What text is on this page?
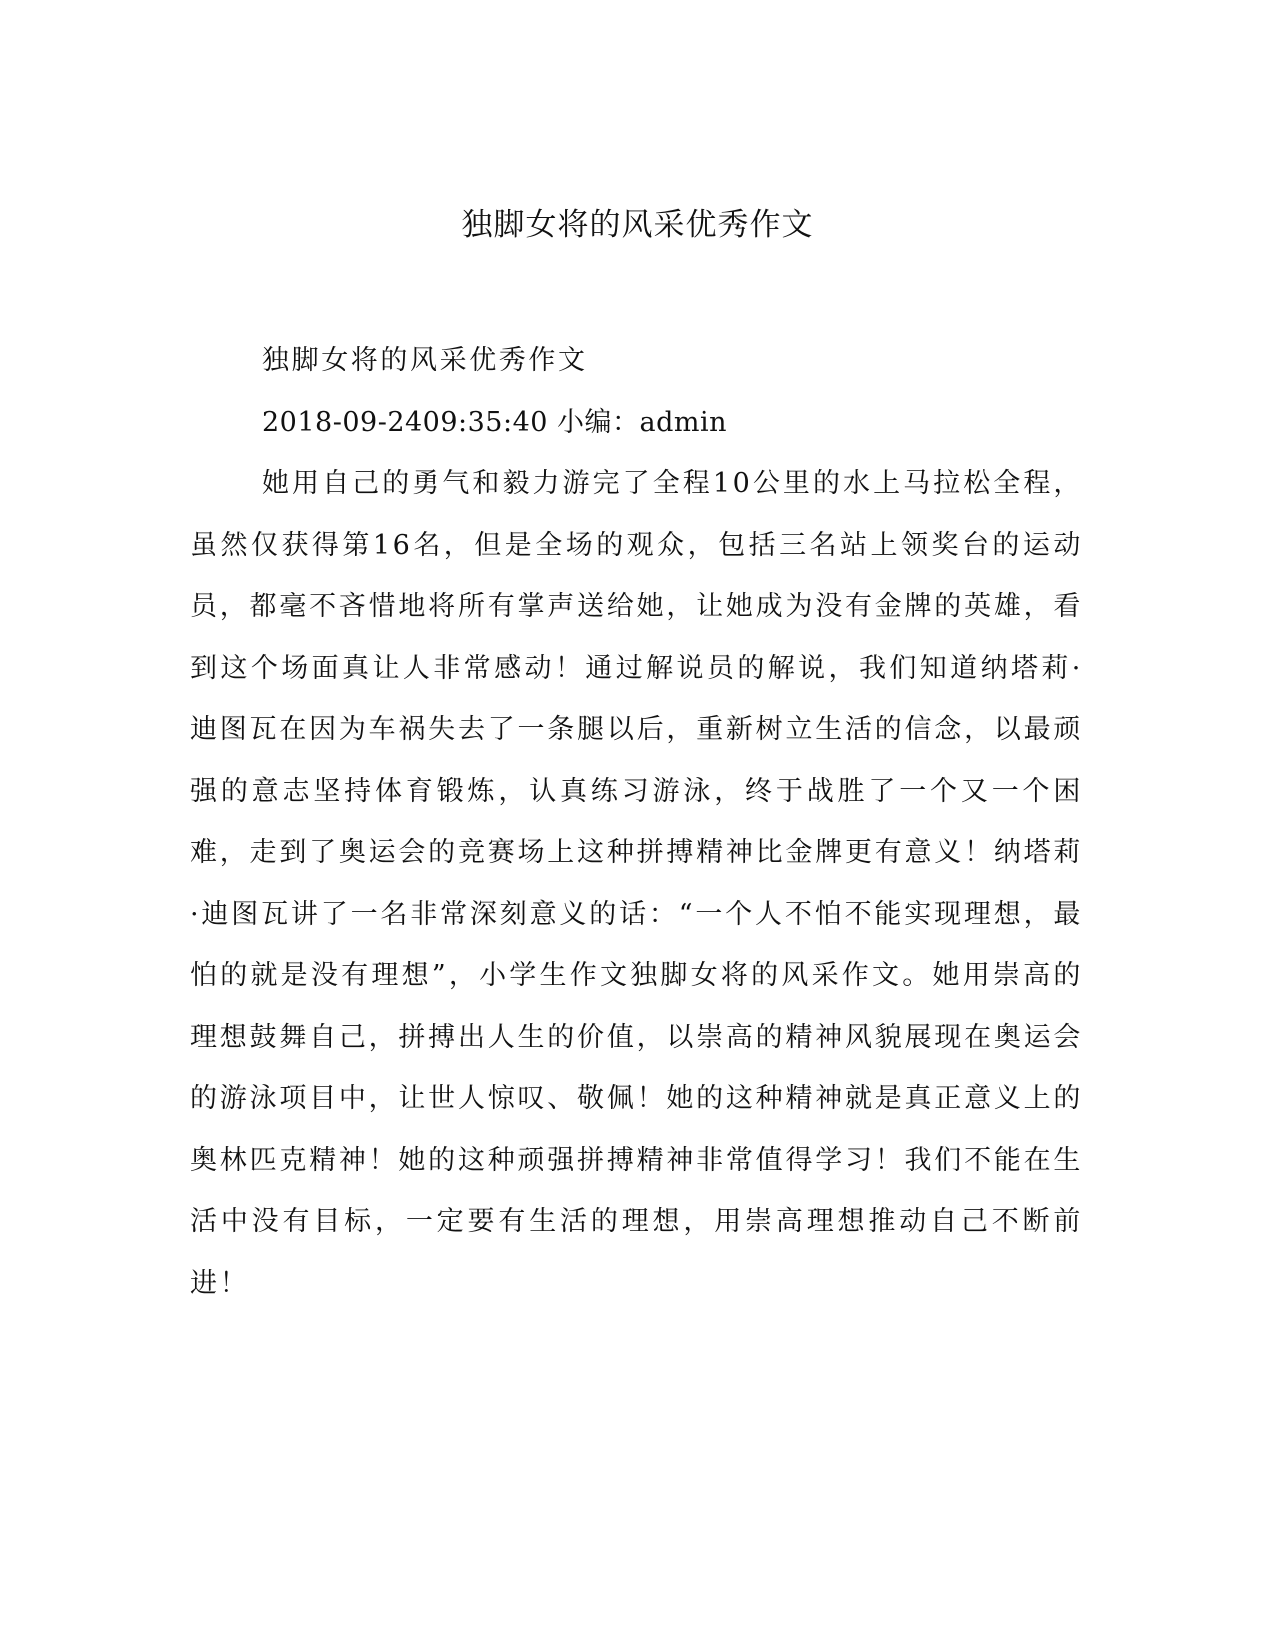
独脚女将的风采优秀作文

独脚女将的风采优秀作文

2018-09-2409:35:40 小编：admin

她用自己的勇气和毅力游完了全程10公里的水上马拉松全程，虽然仅获得第16名，但是全场的观众，包括三名站上领奖台的运动员，都毫不吝惜地将所有掌声送给她，让她成为没有金牌的英雄，看到这个场面真让人非常感动！通过解说员的解说，我们知道纳塔莉·迪图瓦在因为车祸失去了一条腿以后，重新树立生活的信念，以最顽强的意志坚持体育锻炼，认真练习游泳，终于战胜了一个又一个困难，走到了奥运会的竞赛场上这种拼搏精神比金牌更有意义！纳塔莉·迪图瓦讲了一名非常深刻意义的话：“一个人不怕不能实现理想，最怕的就是没有理想”，小学生作文独脚女将的风采作文。她用崇高的理想鼓舞自己，拼搏出人生的价值，以崇高的精神风貌展现在奥运会的游泳项目中，让世人惊叹、敬佩！她的这种精神就是真正意义上的奥林匹克精神！她的这种顽强拼搏精神非常值得学习！我们不能在生活中没有目标，一定要有生活的理想，用崇高理想推动自己不断前进！
